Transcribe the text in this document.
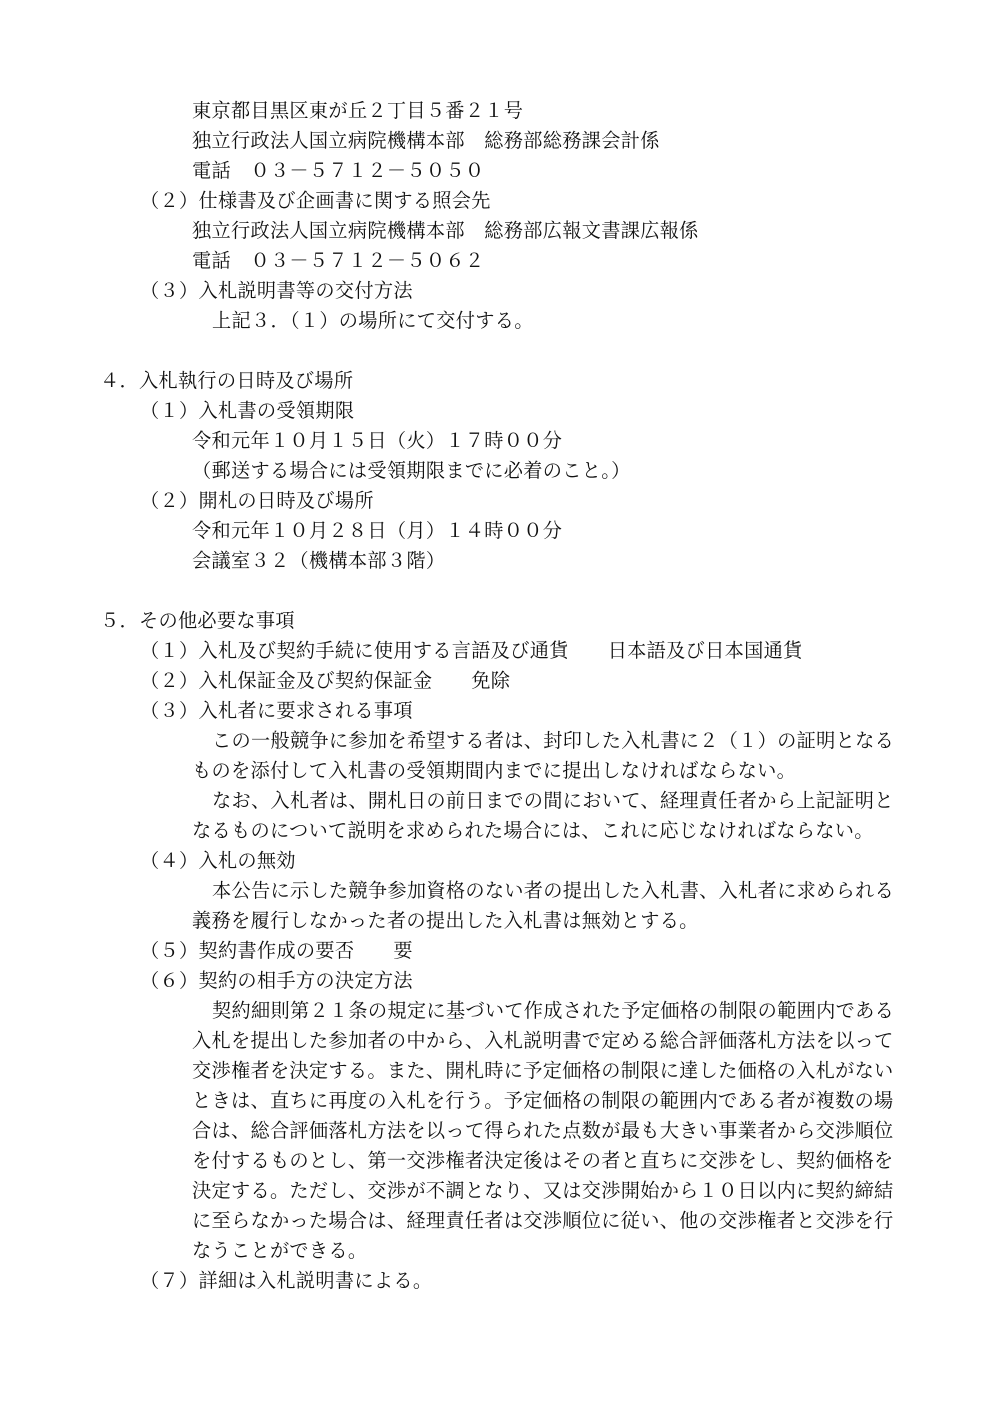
東京都目黒区東が丘２丁目５番２１号
独立行政法人国立病院機構本部　総務部総務課会計係
電話　０３－５７１２－５０５０
（２）仕様書及び企画書に関する照会先
独立行政法人国立病院機構本部　総務部広報文書課広報係
電話　０３－５７１２－５０６２
（３）入札説明書等の交付方法
上記３．（１）の場所にて交付する。
４．入札執行の日時及び場所
（１）入札書の受領期限
令和元年１０月１５日（火）１７時００分
（郵送する場合には受領期限までに必着のこと。）
（２）開札の日時及び場所
令和元年１０月２８日（月）１４時００分
会議室３２（機構本部３階）
５．その他必要な事項
（１）入札及び契約手続に使用する言語及び通貨　　日本語及び日本国通貨
（２）入札保証金及び契約保証金　　免除
（３）入札者に要求される事項
この一般競争に参加を希望する者は、封印した入札書に２（１）の証明となるものを添付して入札書の受領期間内までに提出しなければならない。
なお、入札者は、開札日の前日までの間において、経理責任者から上記証明となるものについて説明を求められた場合には、これに応じなければならない。
（４）入札の無効
本公告に示した競争参加資格のない者の提出した入札書、入札者に求められる義務を履行しなかった者の提出した入札書は無効とする。
（５）契約書作成の要否　　要
（６）契約の相手方の決定方法
契約細則第２１条の規定に基づいて作成された予定価格の制限の範囲内である入札を提出した参加者の中から、入札説明書で定める総合評価落札方法を以って交渉権者を決定する。また、開札時に予定価格の制限に達した価格の入札がないときは、直ちに再度の入札を行う。予定価格の制限の範囲内である者が複数の場合は、総合評価落札方法を以って得られた点数が最も大きい事業者から交渉順位を付するものとし、第一交渉権者決定後はその者と直ちに交渉をし、契約価格を決定する。ただし、交渉が不調となり、又は交渉開始から１０日以内に契約締結に至らなかった場合は、経理責任者は交渉順位に従い、他の交渉権者と交渉を行なうことができる。
（７）詳細は入札説明書による。
